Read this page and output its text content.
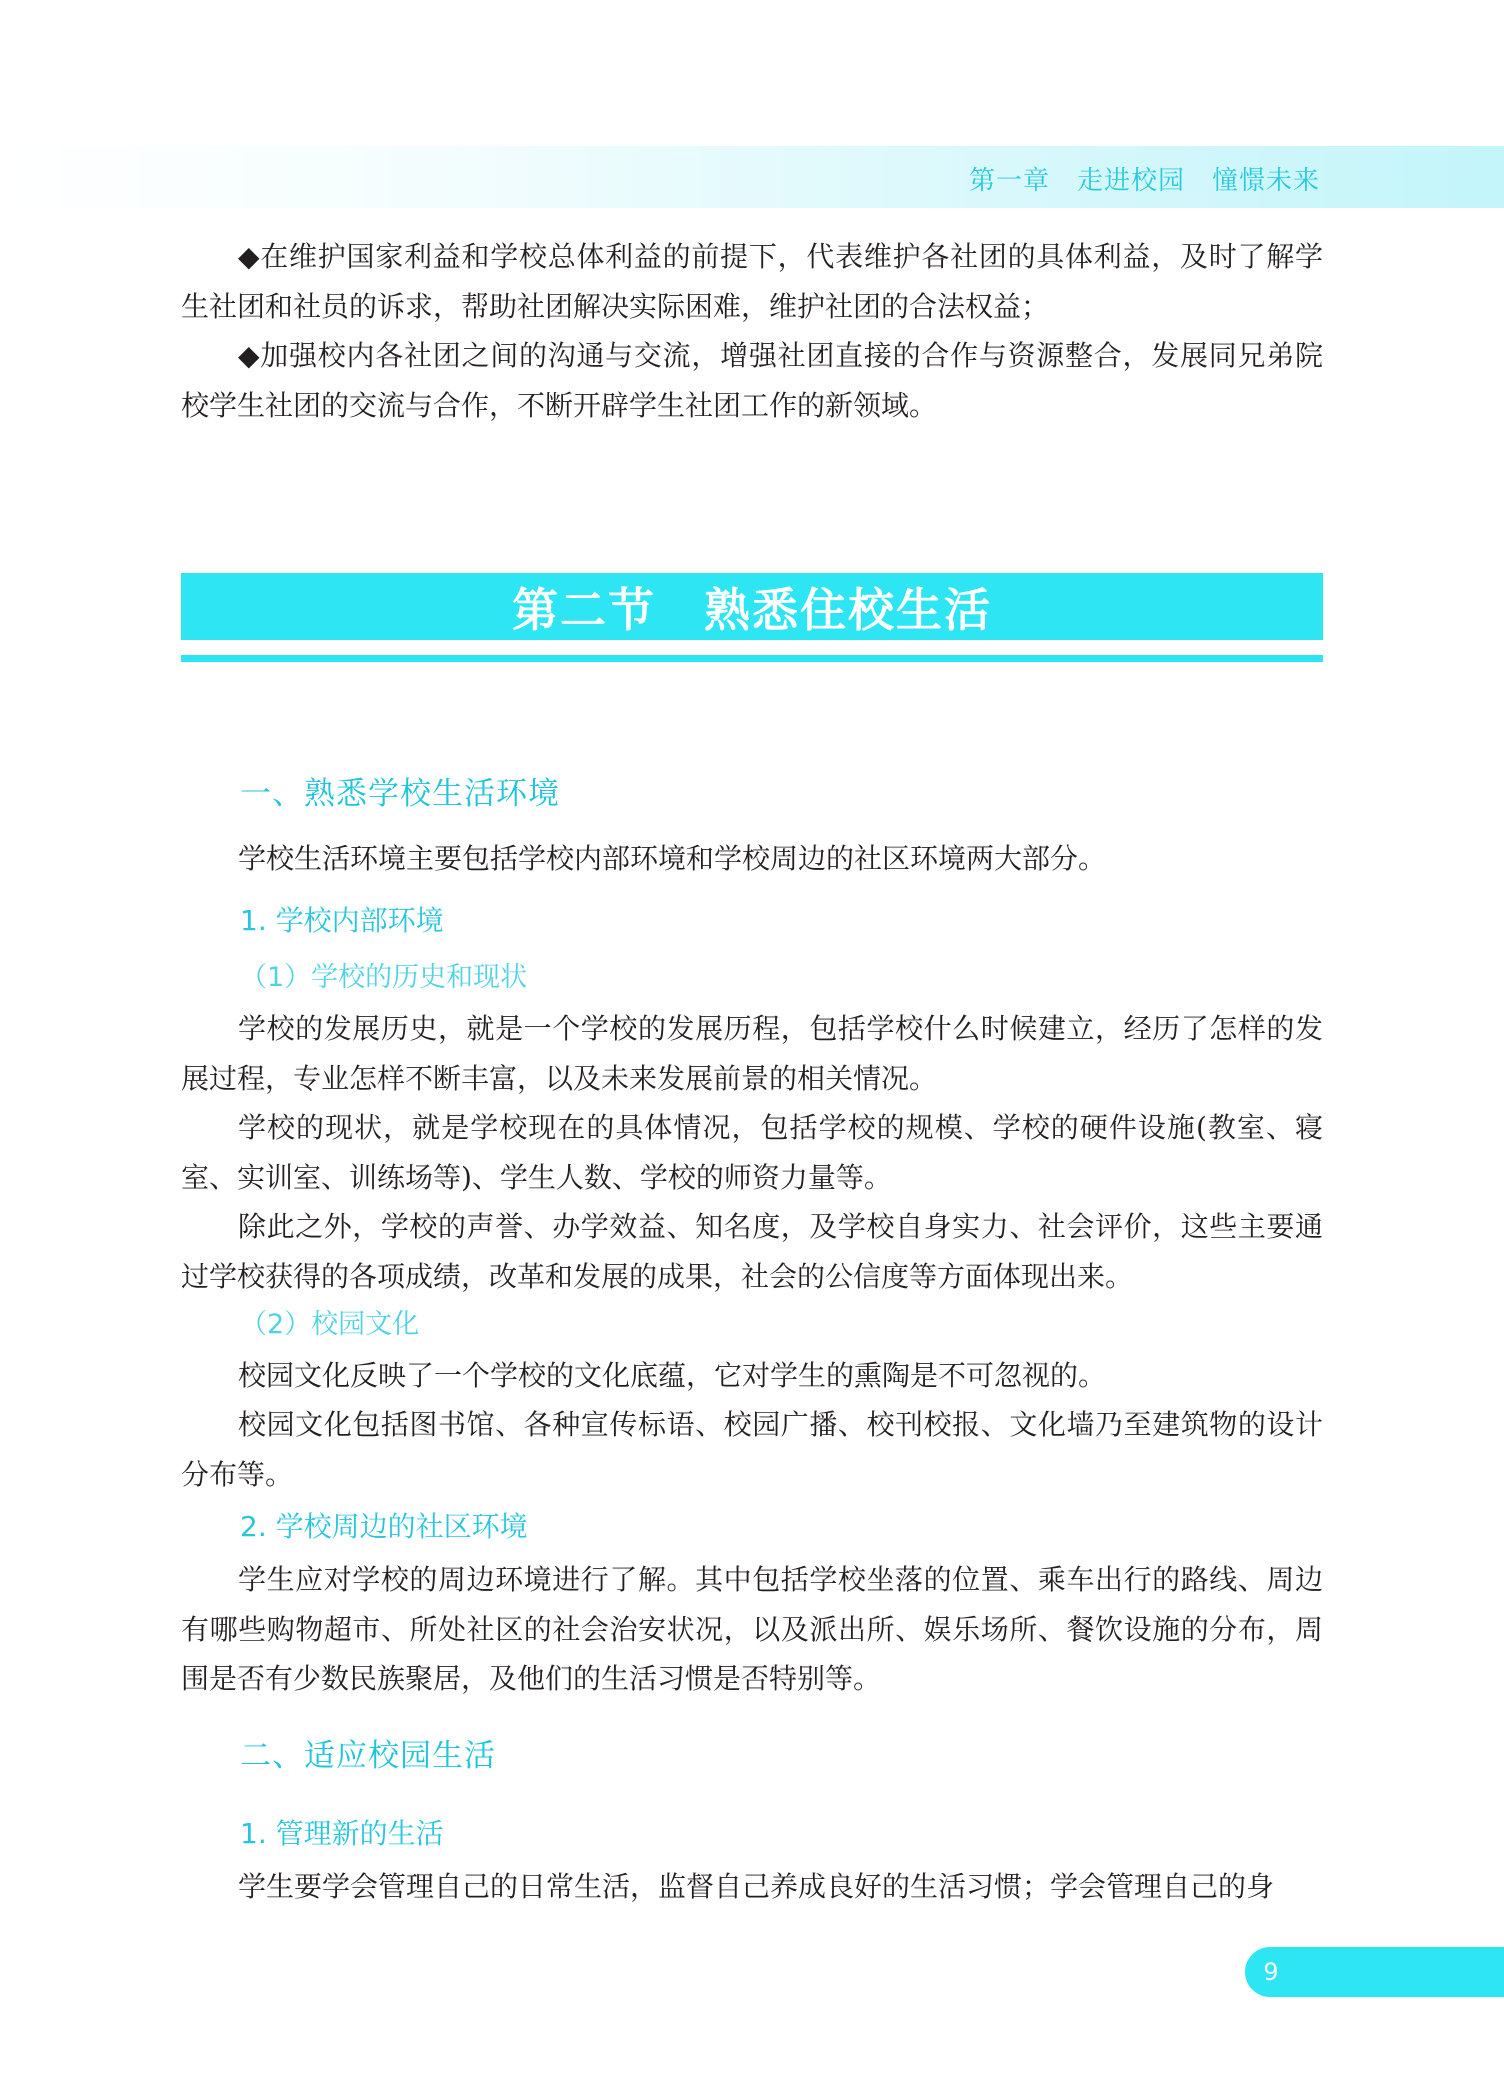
第一章　走进校园　憧憬未来

◆在维护国家利益和学校总体利益的前提下，代表维护各社团的具体利益，及时了解学生社团和社员的诉求，帮助社团解决实际困难，维护社团的合法权益；

◆加强校内各社团之间的沟通与交流，增强社团直接的合作与资源整合，发展同兄弟院校学生社团的交流与合作，不断开辟学生社团工作的新领域。

第二节　熟悉住校生活
一、熟悉学校生活环境

学校生活环境主要包括学校内部环境和学校周边的社区环境两大部分。

1. 学校内部环境
（1）学校的历史和现状

学校的发展历史，就是一个学校的发展历程，包括学校什么时候建立，经历了怎样的发展过程，专业怎样不断丰富，以及未来发展前景的相关情况。

学校的现状，就是学校现在的具体情况，包括学校的规模、学校的硬件设施(教室、寝室、实训室、训练场等)、学生人数、学校的师资力量等。

除此之外，学校的声誉、办学效益、知名度，及学校自身实力、社会评价，这些主要通过学校获得的各项成绩，改革和发展的成果，社会的公信度等方面体现出来。

（2）校园文化

校园文化反映了一个学校的文化底蕴，它对学生的熏陶是不可忽视的。

校园文化包括图书馆、各种宣传标语、校园广播、校刊校报、文化墙乃至建筑物的设计分布等。

2. 学校周边的社区环境

学生应对学校的周边环境进行了解。其中包括学校坐落的位置、乘车出行的路线、周边有哪些购物超市、所处社区的社会治安状况，以及派出所、娱乐场所、餐饮设施的分布，周围是否有少数民族聚居，及他们的生活习惯是否特别等。

二、适应校园生活
1. 管理新的生活

学生要学会管理自己的日常生活，监督自己养成良好的生活习惯；学会管理自己的身

9
